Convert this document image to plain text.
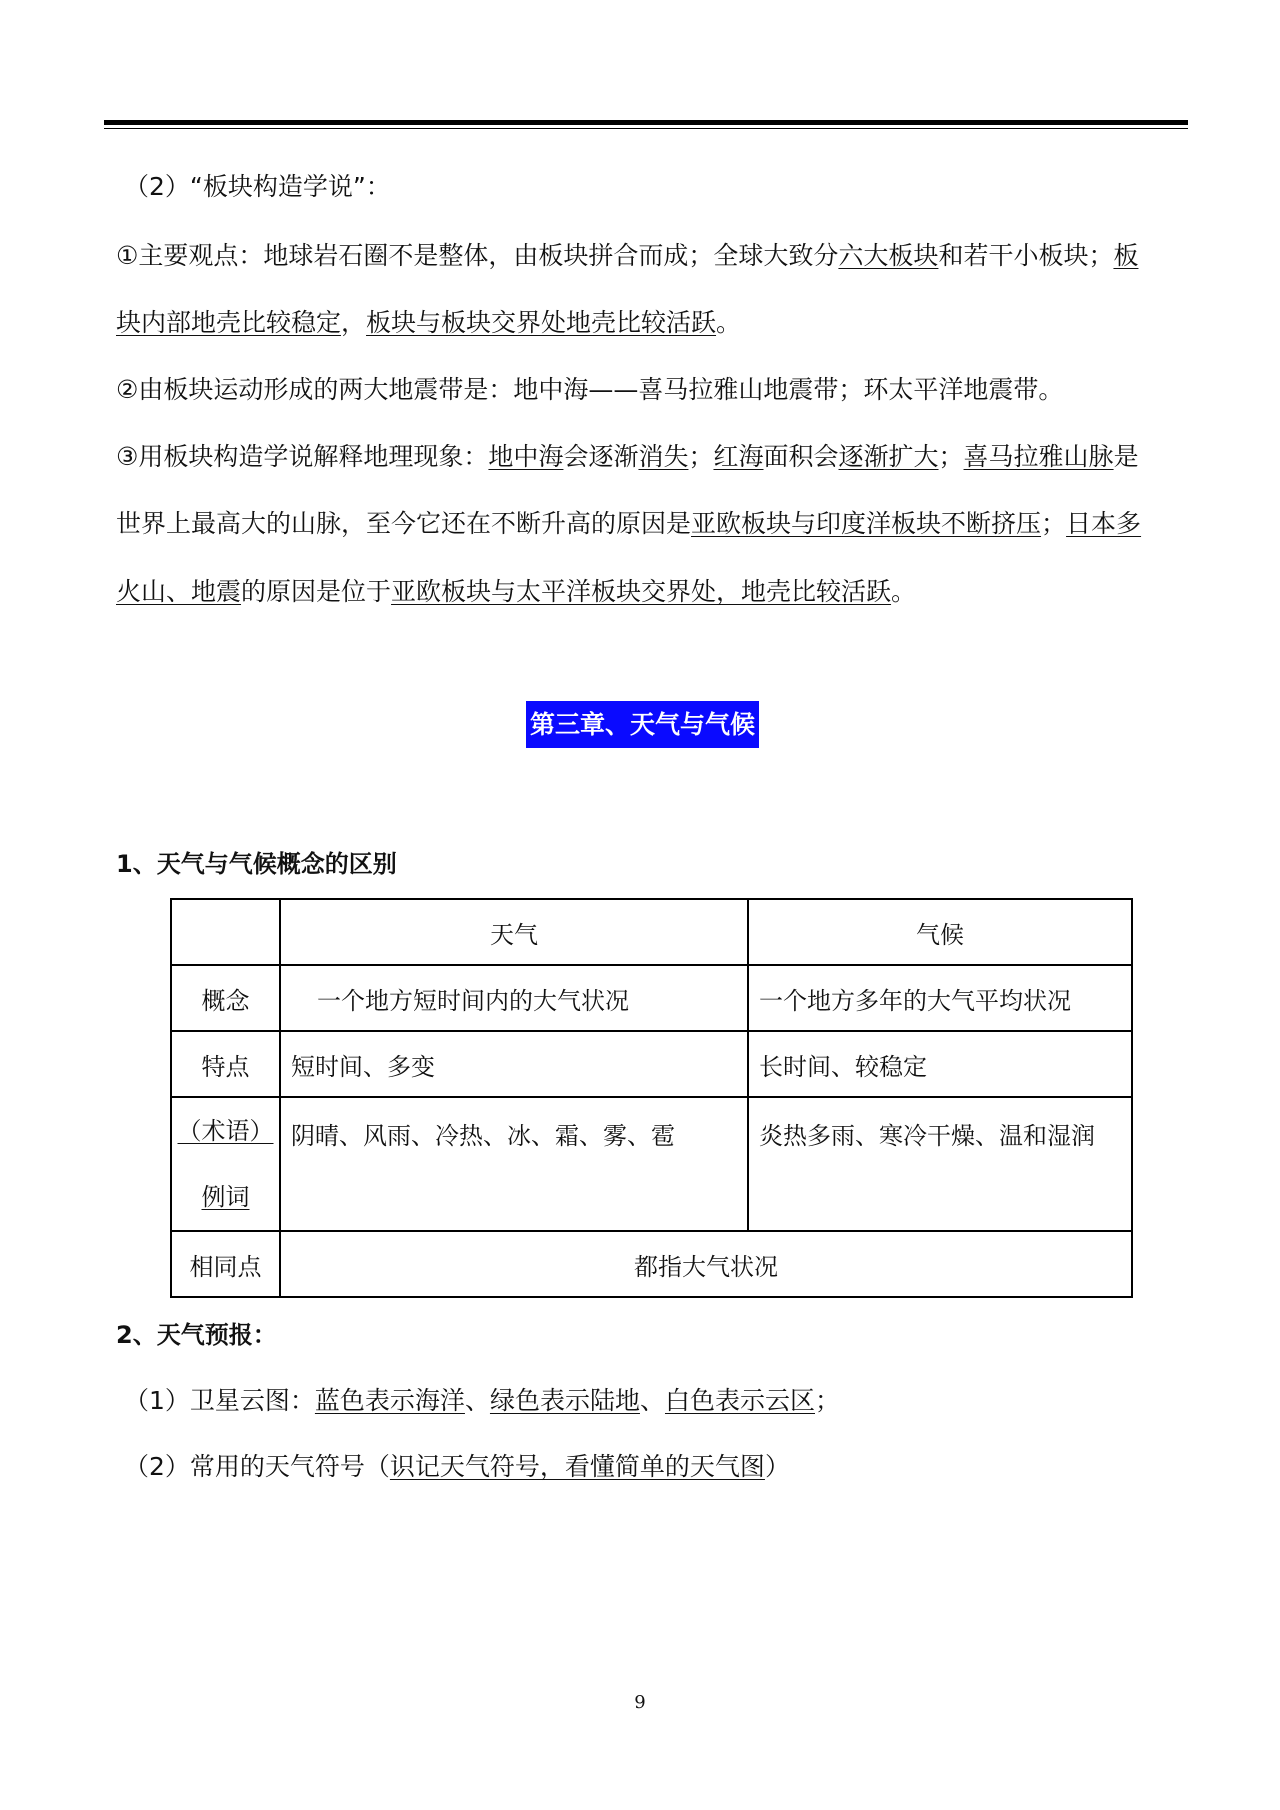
（2）“板块构造学说”：
①主要观点：地球岩石圈不是整体，由板块拼合而成；全球大致分六大板块和若干小板块；板
块内部地壳比较稳定，板块与板块交界处地壳比较活跃。
②由板块运动形成的两大地震带是：地中海——喜马拉雅山地震带；环太平洋地震带。
③用板块构造学说解释地理现象：地中海会逐渐消失；红海面积会逐渐扩大；喜马拉雅山脉是
世界上最高大的山脉，至今它还在不断升高的原因是亚欧板块与印度洋板块不断挤压；日本多
火山、地震的原因是位于亚欧板块与太平洋板块交界处，地壳比较活跃。
第三章、天气与气候
1、天气与气候概念的区别
	天气	气候
概念	一个地方短时间内的大气状况	一个地方多年的大气平均状况
特点	短时间、多变	长时间、较稳定

（术语）
例词	阴晴、风雨、冷热、冰、霜、雾、雹	炎热多雨、寒冷干燥、温和湿润
相同点	都指大气状况	
2、天气预报：
（1）卫星云图：蓝色表示海洋、绿色表示陆地、白色表示云区；
（2）常用的天气符号（识记天气符号，看懂简单的天气图）
9
